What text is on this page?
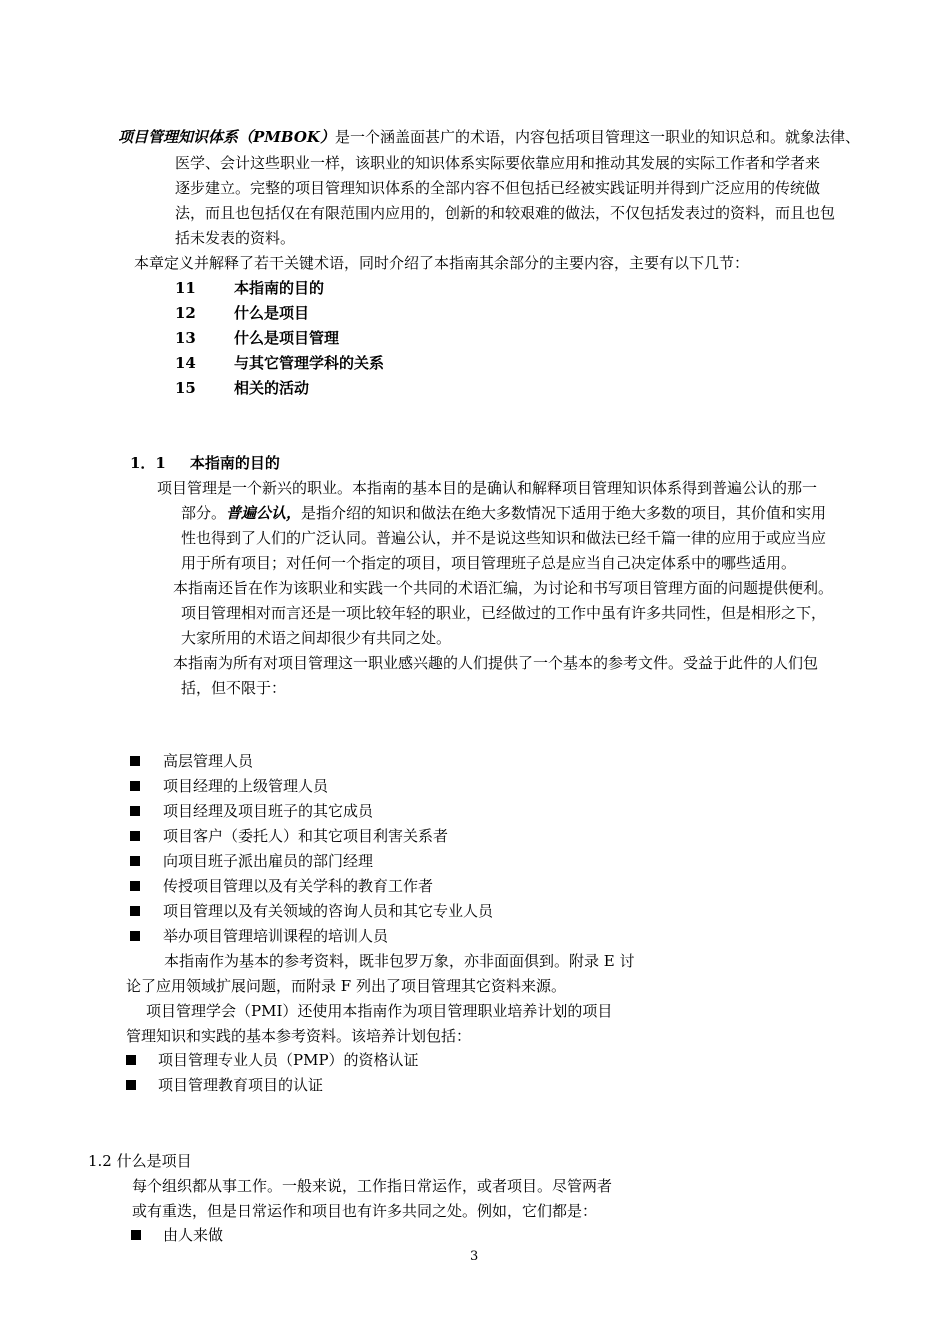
项目管理知识体系（PMBOK）是一个涵盖面甚广的术语，内容包括项目管理这一职业的知识总和。就象法律、
医学、会计这些职业一样，该职业的知识体系实际要依靠应用和推动其发展的实际工作者和学者来
逐步建立。完整的项目管理知识体系的全部内容不但包括已经被实践证明并得到广泛应用的传统做
法，而且也包括仅在有限范围内应用的，创新的和较艰难的做法，不仅包括发表过的资料，而且也包
括未发表的资料。
本章定义并解释了若干关键术语，同时介绍了本指南其余部分的主要内容，主要有以下几节：
11	本指南的目的
12	什么是项目
13	什么是项目管理
14	与其它管理学科的关系
15	相关的活动
1．1 本指南的目的
项目管理是一个新兴的职业。本指南的基本目的是确认和解释项目管理知识体系得到普遍公认的那一
部分。普遍公认，是指介绍的知识和做法在绝大多数情况下适用于绝大多数的项目，其价值和实用
性也得到了人们的广泛认同。普遍公认，并不是说这些知识和做法已经千篇一律的应用于或应当应
用于所有项目；对任何一个指定的项目，项目管理班子总是应当自己决定体系中的哪些适用。
本指南还旨在作为该职业和实践一个共同的术语汇编，为讨论和书写项目管理方面的问题提供便利。
项目管理相对而言还是一项比较年轻的职业，已经做过的工作中虽有许多共同性，但是相形之下，
大家所用的术语之间却很少有共同之处。
本指南为所有对项目管理这一职业感兴趣的人们提供了一个基本的参考文件。受益于此件的人们包
括，但不限于：
高层管理人员
项目经理的上级管理人员
项目经理及项目班子的其它成员
项目客户（委托人）和其它项目利害关系者
向项目班子派出雇员的部门经理
传授项目管理以及有关学科的教育工作者
项目管理以及有关领域的咨询人员和其它专业人员
举办项目管理培训课程的培训人员
本指南作为基本的参考资料，既非包罗万象，亦非面面俱到。附录 E 讨
论了应用领域扩展问题，而附录 F 列出了项目管理其它资料来源。
项目管理学会（PMI）还使用本指南作为项目管理职业培养计划的项目
管理知识和实践的基本参考资料。该培养计划包括：
项目管理专业人员（PMP）的资格认证
项目管理教育项目的认证
1.2 什么是项目
每个组织都从事工作。一般来说，工作指日常运作，或者项目。尽管两者
或有重迭，但是日常运作和项目也有许多共同之处。例如，它们都是：
由人来做
3
